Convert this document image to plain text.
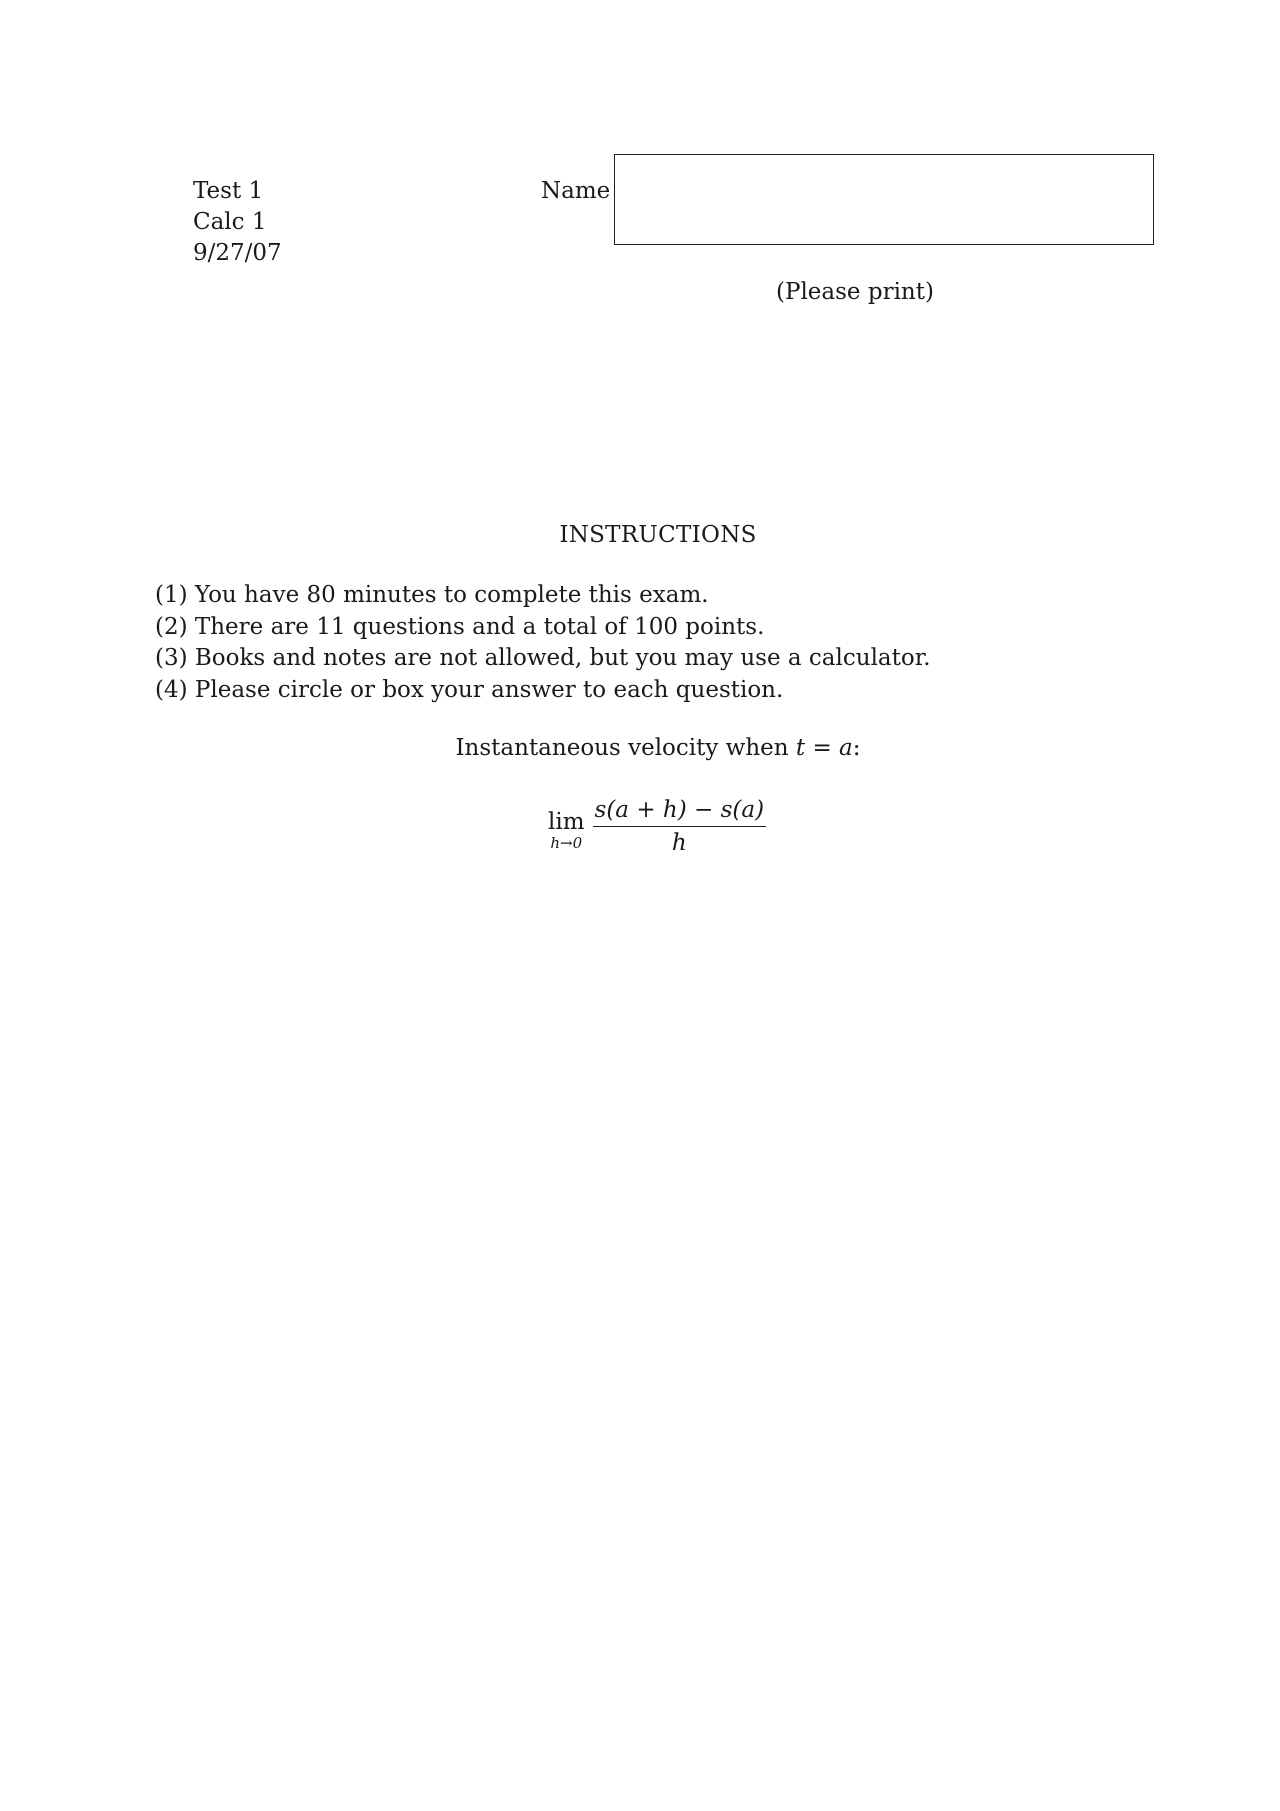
Test 1
Calc 1
9/27/07
Name
(Please print)
INSTRUCTIONS
(1) You have 80 minutes to complete this exam.
(2) There are 11 questions and a total of 100 points.
(3) Books and notes are not allowed, but you may use a calculator.
(4) Please circle or box your answer to each question.
Instantaneous velocity when t = a:
lim
$h\to 0 \frac{s(a + h) - s(a)}{h}$
